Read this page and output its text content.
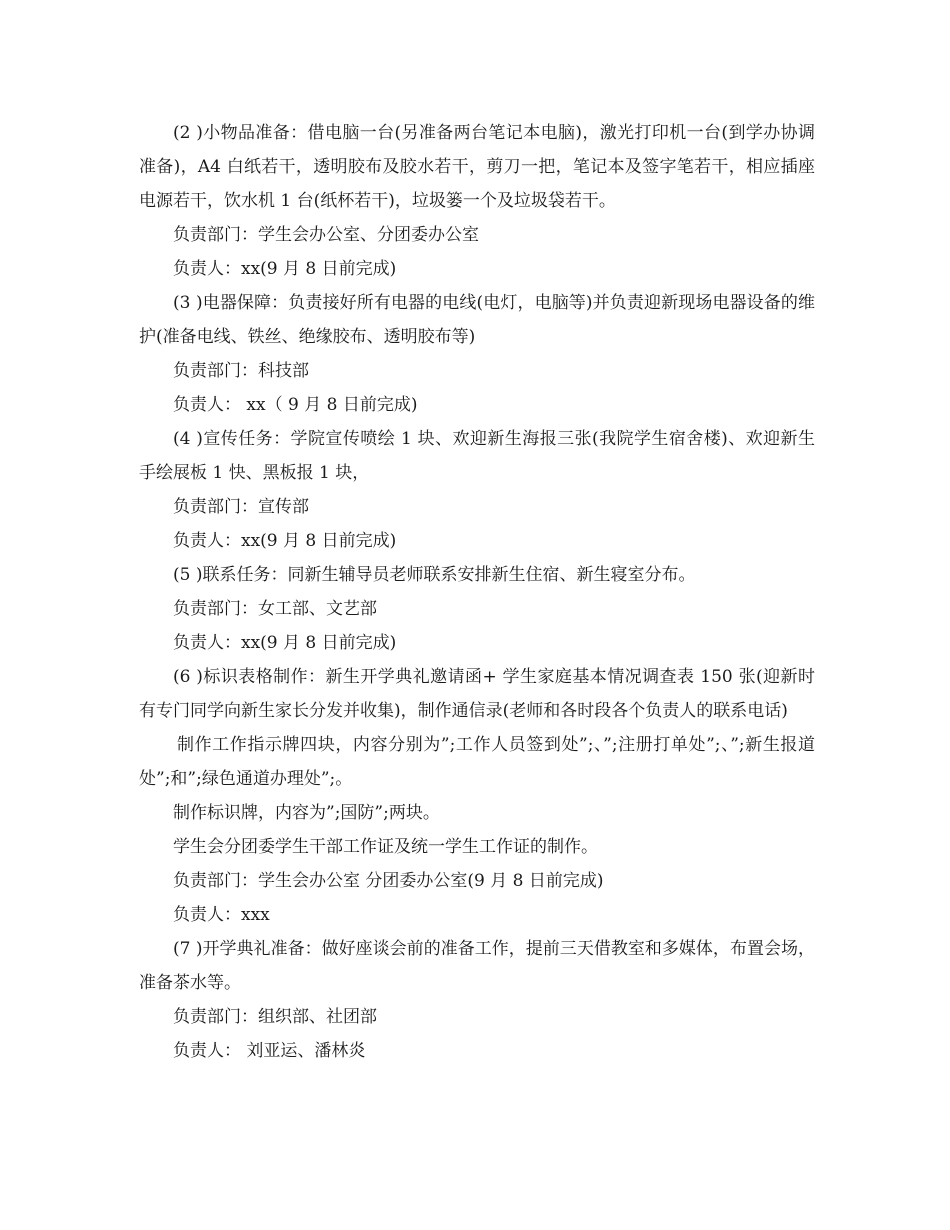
(2 )小物品准备：借电脑一台(另准备两台笔记本电脑)，激光打印机一台(到学办协调准备)，A4 白纸若干，透明胶布及胶水若干，剪刀一把，笔记本及签字笔若干，相应插座电源若干，饮水机 1 台(纸杯若干)，垃圾篓一个及垃圾袋若干。

负责部门：学生会办公室、分团委办公室

负责人：xx(9 月 8 日前完成)

(3 )电器保障：负责接好所有电器的电线(电灯，电脑等)并负责迎新现场电器设备的维护(准备电线、铁丝、绝缘胶布、透明胶布等)

负责部门：科技部

负责人： xx（ 9 月 8 日前完成)

(4 )宣传任务：学院宣传喷绘 1 块、欢迎新生海报三张(我院学生宿舍楼)、欢迎新生手绘展板 1 快、黑板报 1 块，

负责部门：宣传部

负责人：xx(9 月 8 日前完成)

(5 )联系任务：同新生辅导员老师联系安排新生住宿、新生寝室分布。

负责部门：女工部、文艺部

负责人：xx(9 月 8 日前完成)

(6 )标识表格制作：新生开学典礼邀请函+ 学生家庭基本情况调查表 150 张(迎新时有专门同学向新生家长分发并收集)，制作通信录(老师和各时段各个负责人的联系电话)

制作工作指示牌四块，内容分别为”;工作人员签到处”;、”;注册打单处”;、”;新生报道处”;和”;绿色通道办理处”;。

制作标识牌，内容为”;国防”;两块。

学生会分团委学生干部工作证及统一学生工作证的制作。

负责部门：学生会办公室 分团委办公室(9 月 8 日前完成)

负责人：xxx

(7 )开学典礼准备：做好座谈会前的准备工作，提前三天借教室和多媒体，布置会场，准备茶水等。

负责部门：组织部、社团部

负责人： 刘亚运、潘林炎
